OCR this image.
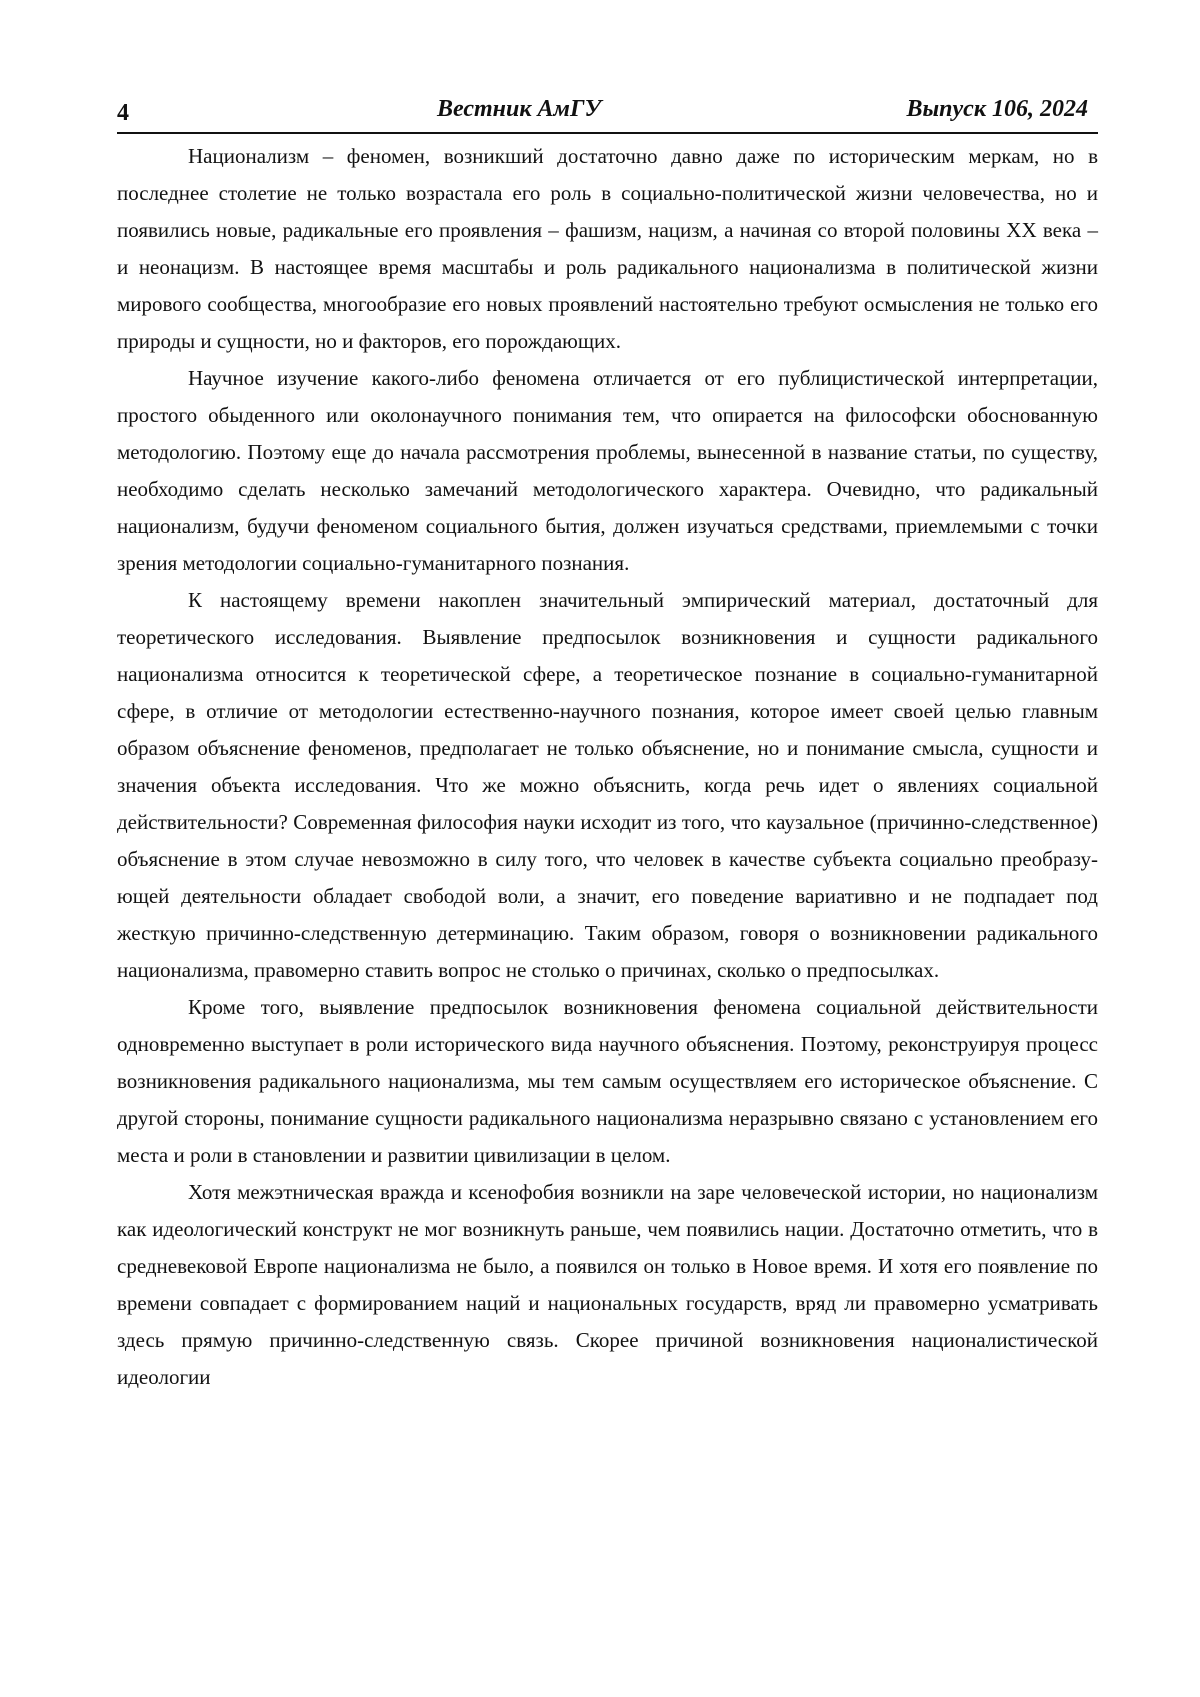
4	Вестник АмГУ	Выпуск 106, 2024

Национализм – феномен, возникший достаточно давно даже по историческим меркам, но в последнее столетие не только возрастала его роль в социально-политической жизни человечества, но и появились новые, радикальные его проявления – фашизм, нацизм, а начиная со второй половины XX века – и неонацизм. В настоящее время масштабы и роль радикального национализма в политической жизни мирового сообщества, многообразие его новых проявлений настоятельно требуют осмысления не только его природы и сущности, но и факторов, его порождающих.

Научное изучение какого-либо феномена отличается от его публицистической интерпретации, простого обыденного или околонаучного понимания тем, что опирается на философски обоснованную методологию. Поэтому еще до начала рассмотрения проблемы, вынесенной в название статьи, по существу, необходимо сделать несколько замечаний методологического характера. Очевидно, что радикальный национализм, будучи феноменом социального бытия, должен изучаться средствами, приемлемыми с точки зрения методологии социально-гуманитарного познания.

К настоящему времени накоплен значительный эмпирический материал, достаточный для теоретического исследования. Выявление предпосылок возникновения и сущности радикального национализма относится к теоретической сфере, а теоретическое познание в социально-гуманитарной сфере, в отличие от методологии естественно-научного познания, которое имеет своей целью главным образом объяснение феноменов, предполагает не только объяснение, но и понимание смысла, сущности и значения объекта исследования. Что же можно объяснить, когда речь идет о явлениях социальной действительности? Современная философия науки исходит из того, что каузальное (причинно-следственное) объяснение в этом случае невозможно в силу того, что человек в качестве субъекта социально преобразующей деятельности обладает свободой воли, а значит, его поведение вариативно и не подпадает под жесткую причинно-следственную детерминацию. Таким образом, говоря о возникновении радикального национализма, правомерно ставить вопрос не столько о причинах, сколько о предпосылках.

Кроме того, выявление предпосылок возникновения феномена социальной действительности одновременно выступает в роли исторического вида научного объяснения. Поэтому, реконструируя процесс возникновения радикального национализма, мы тем самым осуществляем его историческое объяснение. С другой стороны, понимание сущности радикального национализма неразрывно связано с установлением его места и роли в становлении и развитии цивилизации в целом.

Хотя межэтническая вражда и ксенофобия возникли на заре человеческой истории, но национализм как идеологический конструкт не мог возникнуть раньше, чем появились нации. Достаточно отметить, что в средневековой Европе национализма не было, а появился он только в Новое время. И хотя его появление по времени совпадает с формированием наций и национальных государств, вряд ли правомерно усматривать здесь прямую причинно-следственную связь. Скорее причиной возникновения националистической идеологии
